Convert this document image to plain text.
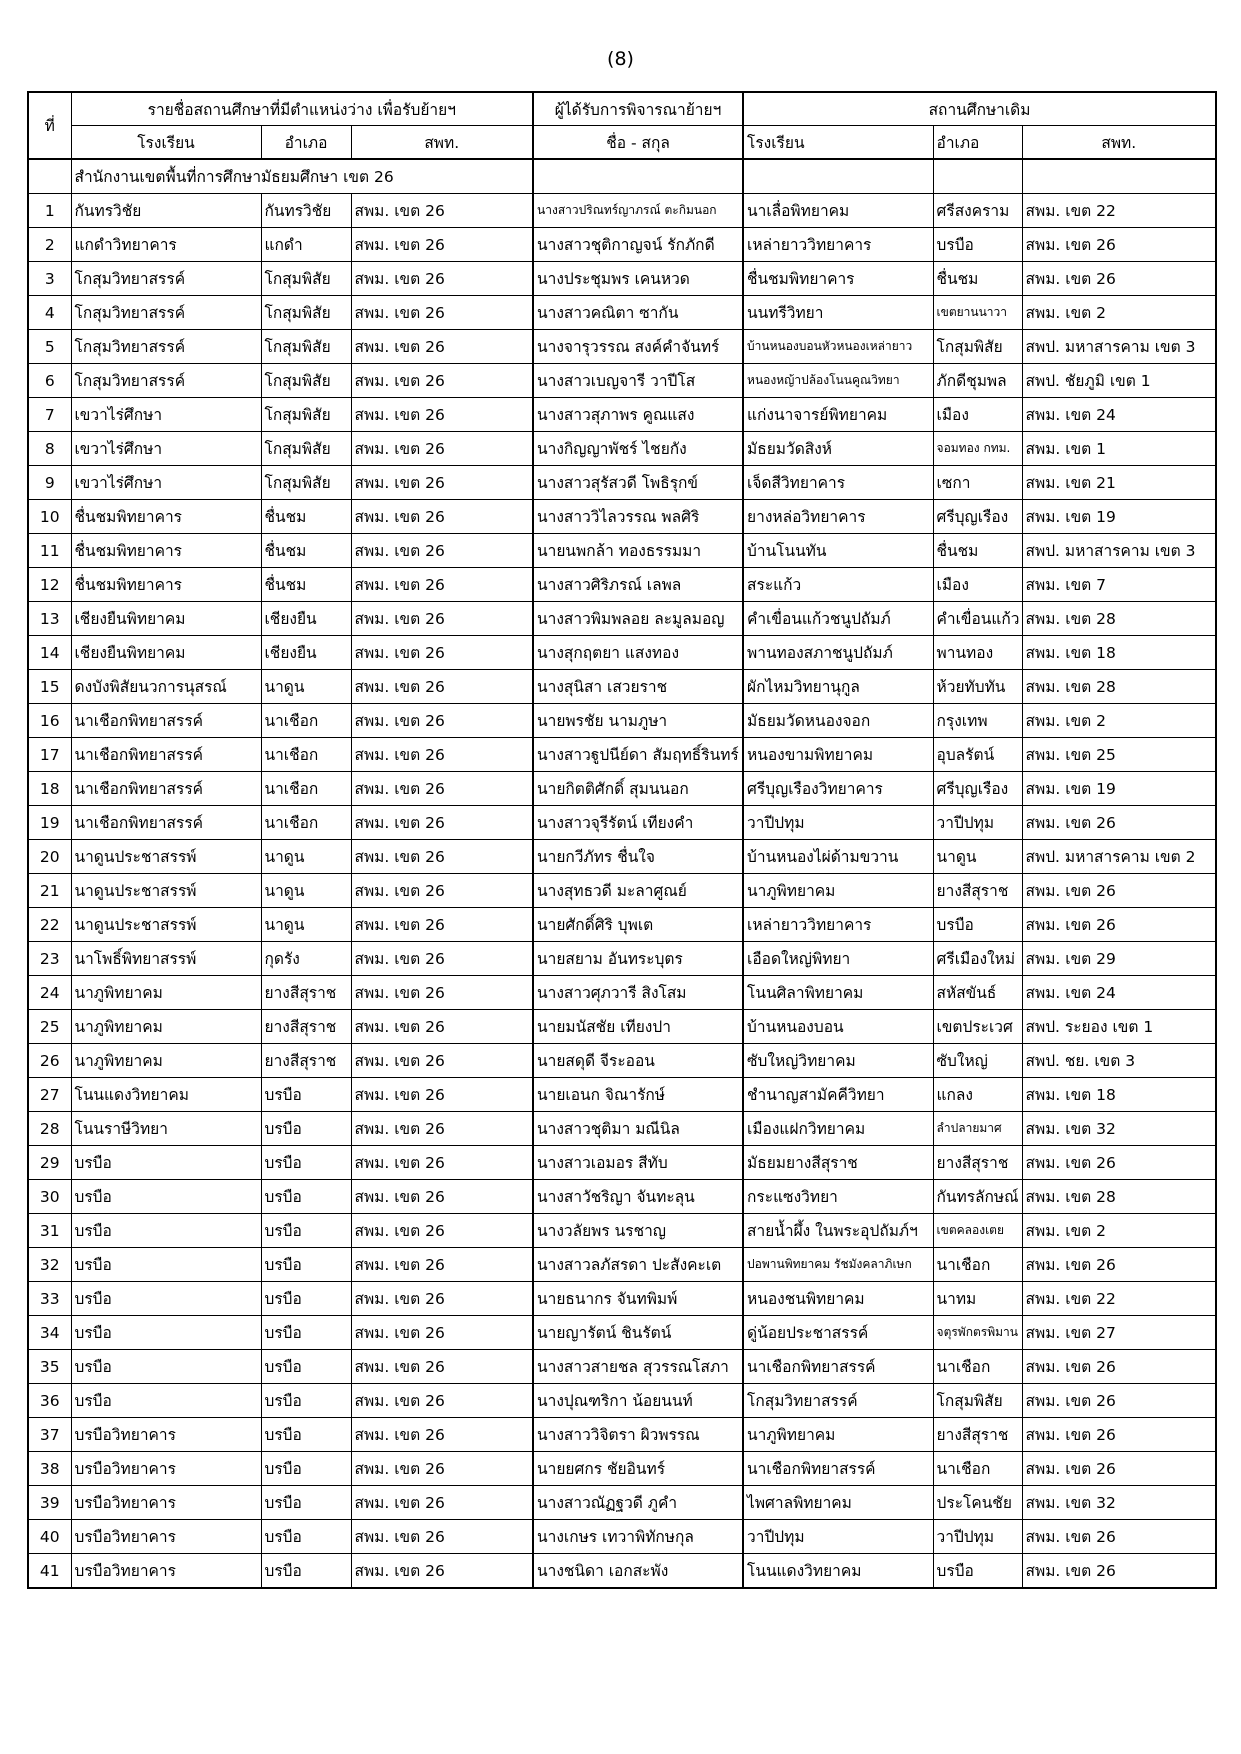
(8)
ที่	รายชื่อสถานศึกษาที่มีตำแหน่งว่าง เพื่อรับย้ายฯ			ผู้ได้รับการพิจารณาย้ายฯ	สถานศึกษาเดิม		
	โรงเรียน	อำเภอ	สพท.	ชื่อ - สกุล	โรงเรียน	อำเภอ	สพท.
	สำนักงานเขตพื้นที่การศึกษามัธยมศึกษา เขต 26						
1	กันทรวิชัย	กันทรวิชัย	สพม. เขต 26	นางสาวปริณทร์ญาภรณ์ ตะกิมนอก	นาเลื่อพิทยาคม	ศรีสงคราม	สพม. เขต 22
2	แกดำวิทยาคาร	แกดำ	สพม. เขต 26	นางสาวชุติกาญจน์ รักภักดี	เหล่ายาววิทยาคาร	บรบือ	สพม. เขต 26
3	โกสุมวิทยาสรรค์	โกสุมพิสัย	สพม. เขต 26	นางประชุมพร เคนหวด	ชื่นชมพิทยาคาร	ชื่นชม	สพม. เขต 26
4	โกสุมวิทยาสรรค์	โกสุมพิสัย	สพม. เขต 26	นางสาวคณิตา ซากัน	นนทรีวิทยา	เขตยานนาวา	สพม. เขต 2
5	โกสุมวิทยาสรรค์	โกสุมพิสัย	สพม. เขต 26	นางจารุวรรณ สงค์คำจันทร์	บ้านหนองบอนหัวหนองเหล่ายาว	โกสุมพิสัย	สพป. มหาสารคาม เขต 3
6	โกสุมวิทยาสรรค์	โกสุมพิสัย	สพม. เขต 26	นางสาวเบญจารี วาปีโส	หนองหญ้าปล้องโนนคูณวิทยา	ภักดีชุมพล	สพป. ชัยภูมิ เขต 1
7	เขวาไร่ศึกษา	โกสุมพิสัย	สพม. เขต 26	นางสาวสุภาพร คูณแสง	แก่งนาจารย์พิทยาคม	เมือง	สพม. เขต 24
8	เขวาไร่ศึกษา	โกสุมพิสัย	สพม. เขต 26	นางกิญญาพัชร์ ไชยกัง	มัธยมวัดสิงห์	จอมทอง กทม.	สพม. เขต 1
9	เขวาไร่ศึกษา	โกสุมพิสัย	สพม. เขต 26	นางสาวสุรัสวดี โพธิรุกข์	เจ็ดสีวิทยาคาร	เซกา	สพม. เขต 21
10	ชื่นชมพิทยาคาร	ชื่นชม	สพม. เขต 26	นางสาววิไลวรรณ พลศิริ	ยางหล่อวิทยาคาร	ศรีบุญเรือง	สพม. เขต 19
11	ชื่นชมพิทยาคาร	ชื่นชม	สพม. เขต 26	นายนพกล้า ทองธรรมมา	บ้านโนนทัน	ชื่นชม	สพป. มหาสารคาม เขต 3
12	ชื่นชมพิทยาคาร	ชื่นชม	สพม. เขต 26	นางสาวศิริภรณ์ เลพล	สระแก้ว	เมือง	สพม. เขต 7
13	เชียงยืนพิทยาคม	เชียงยืน	สพม. เขต 26	นางสาวพิมพลอย ละมูลมอญ	คำเขื่อนแก้วชนูปถัมภ์	คำเขื่อนแก้ว	สพม. เขต 28
14	เชียงยืนพิทยาคม	เชียงยืน	สพม. เขต 26	นางสุกฤตยา แสงทอง	พานทองสภาชนูปถัมภ์	พานทอง	สพม. เขต 18
15	ดงบังพิสัยนวการนุสรณ์	นาดูน	สพม. เขต 26	นางสุนิสา เสวยราช	ผักไหมวิทยานุกูล	ห้วยทับทัน	สพม. เขต 28
16	นาเชือกพิทยาสรรค์	นาเชือก	สพม. เขต 26	นายพรชัย นามภูษา	มัธยมวัดหนองจอก	กรุงเทพ	สพม. เขต 2
17	นาเชือกพิทยาสรรค์	นาเชือก	สพม. เขต 26	นางสาวฐูปนีย์ดา สัมฤทธิ์รินทร์	หนองขามพิทยาคม	อุบลรัตน์	สพม. เขต 25
18	นาเชือกพิทยาสรรค์	นาเชือก	สพม. เขต 26	นายกิตติศักดิ์ สุมนนอก	ศรีบุญเรืองวิทยาคาร	ศรีบุญเรือง	สพม. เขต 19
19	นาเชือกพิทยาสรรค์	นาเชือก	สพม. เขต 26	นางสาวจุรีรัตน์ เทียงคำ	วาปีปทุม	วาปีปทุม	สพม. เขต 26
20	นาดูนประชาสรรพ์	นาดูน	สพม. เขต 26	นายกวีภัทร ชื่นใจ	บ้านหนองไผ่ด้ามขวาน	นาดูน	สพป. มหาสารคาม เขต 2
21	นาดูนประชาสรรพ์	นาดูน	สพม. เขต 26	นางสุทธวดี มะลาศูณย์	นาภูพิทยาคม	ยางสีสุราช	สพม. เขต 26
22	นาดูนประชาสรรพ์	นาดูน	สพม. เขต 26	นายศักดิ์ศิริ บุพเต	เหล่ายาววิทยาคาร	บรบือ	สพม. เขต 26
23	นาโพธิ์พิทยาสรรพ์	กุดรัง	สพม. เขต 26	นายสยาม อันทระบุตร	เอือดใหญ่พิทยา	ศรีเมืองใหม่	สพม. เขต 29
24	นาภูพิทยาคม	ยางสีสุราช	สพม. เขต 26	นางสาวศุภวารี สิงโสม	โนนศิลาพิทยาคม	สหัสขันธ์	สพม. เขต 24
25	นาภูพิทยาคม	ยางสีสุราช	สพม. เขต 26	นายมนัสชัย เทียงปา	บ้านหนองบอน	เขตประเวศ	สพป. ระยอง เขต 1
26	นาภูพิทยาคม	ยางสีสุราช	สพม. เขต 26	นายสดุดี จีระออน	ซับใหญ่วิทยาคม	ซับใหญ่	สพป. ชย. เขต 3
27	โนนแดงวิทยาคม	บรบือ	สพม. เขต 26	นายเอนก จิณารักษ์	ชำนาญสามัคคีวิทยา	แกลง	สพม. เขต 18
28	โนนราษีวิทยา	บรบือ	สพม. เขต 26	นางสาวชุติมา มณีนิล	เมืองแฝกวิทยาคม	ลำปลายมาศ	สพม. เขต 32
29	บรบือ	บรบือ	สพม. เขต 26	นางสาวเอมอร สีทับ	มัธยมยางสีสุราช	ยางสีสุราช	สพม. เขต 26
30	บรบือ	บรบือ	สพม. เขต 26	นางสาวัชริญา จันทะลุน	กระแซงวิทยา	กันทรลักษณ์	สพม. เขต 28
31	บรบือ	บรบือ	สพม. เขต 26	นางวลัยพร นรชาญ	สายน้ำผึ้ง ในพระอุปถัมภ์ฯ	เขตคลองเตย	สพม. เขต 2
32	บรบือ	บรบือ	สพม. เขต 26	นางสาวลภัสรดา ปะสังคะเต	ปอพานพิทยาคม รัชมังคลาภิเษก	นาเชือก	สพม. เขต 26
33	บรบือ	บรบือ	สพม. เขต 26	นายธนากร จันทพิมพ์	หนองชนพิทยาคม	นาทม	สพม. เขต 22
34	บรบือ	บรบือ	สพม. เขต 26	นายญารัตน์ ชินรัตน์	ดู่น้อยประชาสรรค์	จตุรพักตรพิมาน	สพม. เขต 27
35	บรบือ	บรบือ	สพม. เขต 26	นางสาวสายชล สุวรรณโสภา	นาเชือกพิทยาสรรค์	นาเชือก	สพม. เขต 26
36	บรบือ	บรบือ	สพม. เขต 26	นางปุณฑริกา น้อยนนท์	โกสุมวิทยาสรรค์	โกสุมพิสัย	สพม. เขต 26
37	บรบือวิทยาคาร	บรบือ	สพม. เขต 26	นางสาววิจิตรา ผิวพรรณ	นาภูพิทยาคม	ยางสีสุราช	สพม. เขต 26
38	บรบือวิทยาคาร	บรบือ	สพม. เขต 26	นายยศกร ชัยอินทร์	นาเชือกพิทยาสรรค์	นาเชือก	สพม. เขต 26
39	บรบือวิทยาคาร	บรบือ	สพม. เขต 26	นางสาวณัฏฐวดี ภูคำ	ไพศาลพิทยาคม	ประโคนชัย	สพม. เขต 32
40	บรบือวิทยาคาร	บรบือ	สพม. เขต 26	นางเกษร เทวาพิทักษกุล	วาปีปทุม	วาปีปทุม	สพม. เขต 26
41	บรบือวิทยาคาร	บรบือ	สพม. เขต 26	นางชนิดา เอกสะพัง	โนนแดงวิทยาคม	บรบือ	สพม. เขต 26
